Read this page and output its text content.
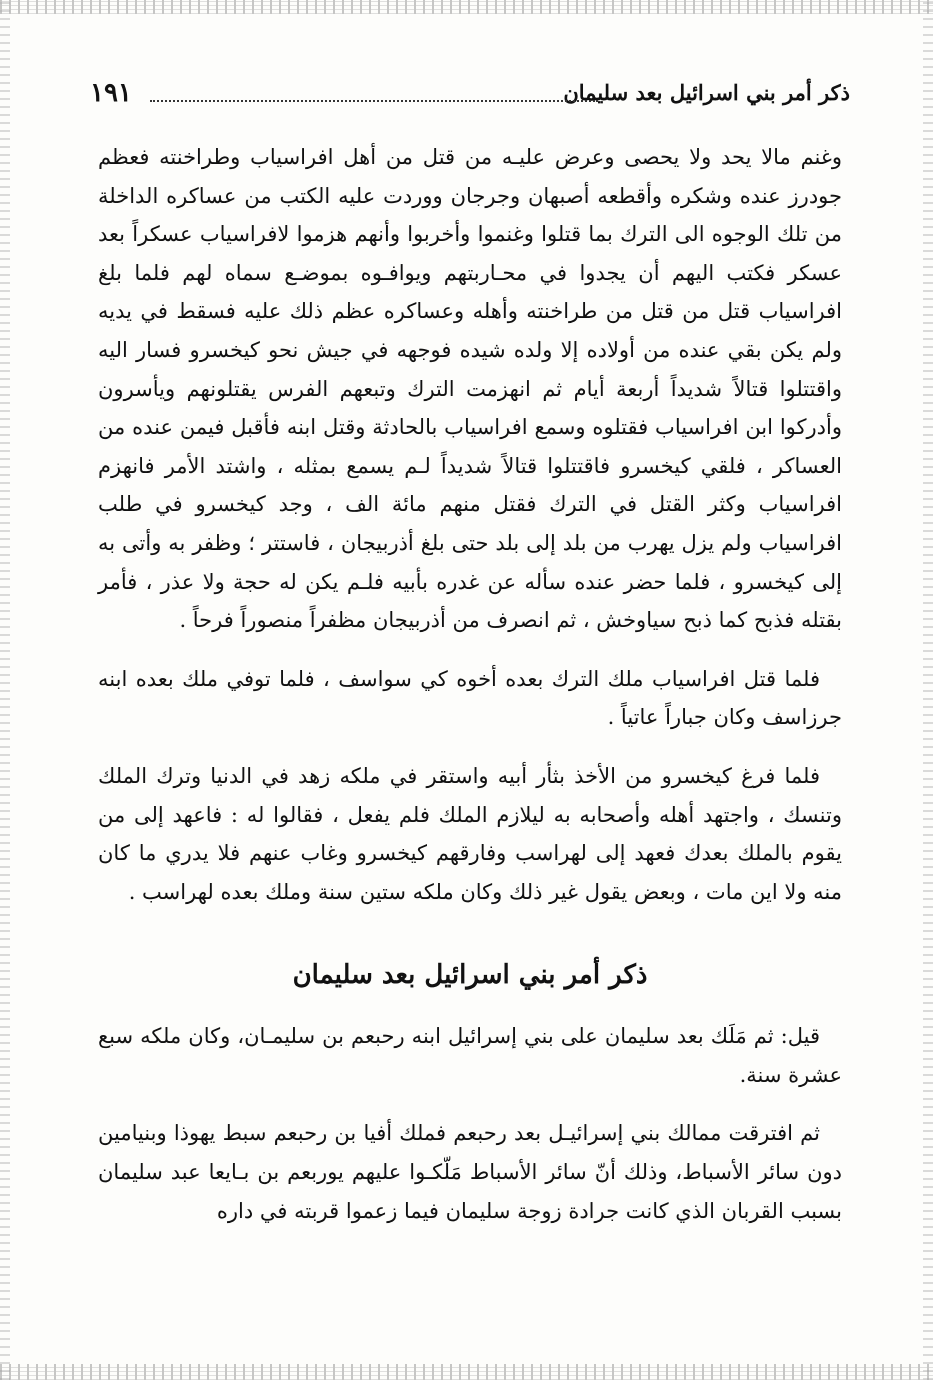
ذكر أمر بني اسرائيل بعد سليمان
١٩١

وغنم مالا يحد ولا يحصى وعرض عليـه من قتل من أهل افراسياب وطراخنته فعظم جودرز عنده وشكره وأقطعه أصبهان وجرجان ووردت عليه الكتب من عساكره الداخلة من تلك الوجوه الى الترك بما قتلوا وغنموا وأخربوا وأنهم هزموا لافراسياب عسكراً بعد عسكر فكتب اليهم أن يجدوا في محـاربتهم ويوافـوه بموضـع سماه لهم فلما بلغ افراسياب قتل من قتل من طراخنته وأهله وعساكره عظم ذلك عليه فسقط في يديه ولم يكن بقي عنده من أولاده إلا ولده شيده فوجهه في جيش نحو كيخسرو فسار اليه واقتتلوا قتالاً شديداً أربعة أيام ثم انهزمت الترك وتبعهم الفرس يقتلونهم ويأسرون وأدركوا ابن افراسياب فقتلوه وسمع افراسياب بالحادثة وقتل ابنه فأقبل فيمن عنده من العساكر ، فلقي كيخسرو فاقتتلوا قتالاً شديداً لـم يسمع بمثله ، واشتد الأمر فانهزم افراسياب وكثر القتل في الترك فقتل منهم مائة الف ، وجد كيخسرو في طلب افراسياب ولم يزل يهرب من بلد إلى بلد حتى بلغ أذربيجان ، فاستتر ؛ وظفر به وأتى به إلى كيخسرو ، فلما حضر عنده سأله عن غدره بأبيه فلـم يكن له حجة ولا عذر ، فأمر بقتله فذبح كما ذبح سياوخش ، ثم انصرف من أذربيجان مظفراً منصوراً فرحاً .

فلما قتل افراسياب ملك الترك بعده أخوه كي سواسف ، فلما توفي ملك بعده ابنه جرزاسف وكان جباراً عاتياً .

فلما فرغ كيخسرو من الأخذ بثأر أبيه واستقر في ملكه زهد في الدنيا وترك الملك وتنسك ، واجتهد أهله وأصحابه به ليلازم الملك فلم يفعل ، فقالوا له : فاعهد إلى من يقوم بالملك بعدك فعهد إلى لهراسب وفارقهم كيخسرو وغاب عنهم فلا يدري ما كان منه ولا اين مات ، وبعض يقول غير ذلك وكان ملكه ستين سنة وملك بعده لهراسب .

ذكر أمر بني اسرائيل بعد سليمان

قيل: ثم مَلَك بعد سليمان على بني إسرائيل ابنه رحبعم بن سليمـان، وكان ملكه سبع عشرة سنة.

ثم افترقت ممالك بني إسرائيـل بعد رحبعم فملك أفيا بن رحبعم سبط يهوذا وبنيامين دون سائر الأسباط، وذلك أنّ سائر الأسباط مَلّكـوا عليهم يوربعم بن بـايعا عبد سليمان بسبب القربان الذي كانت جرادة زوجة سليمان فيما زعموا قربته في داره
